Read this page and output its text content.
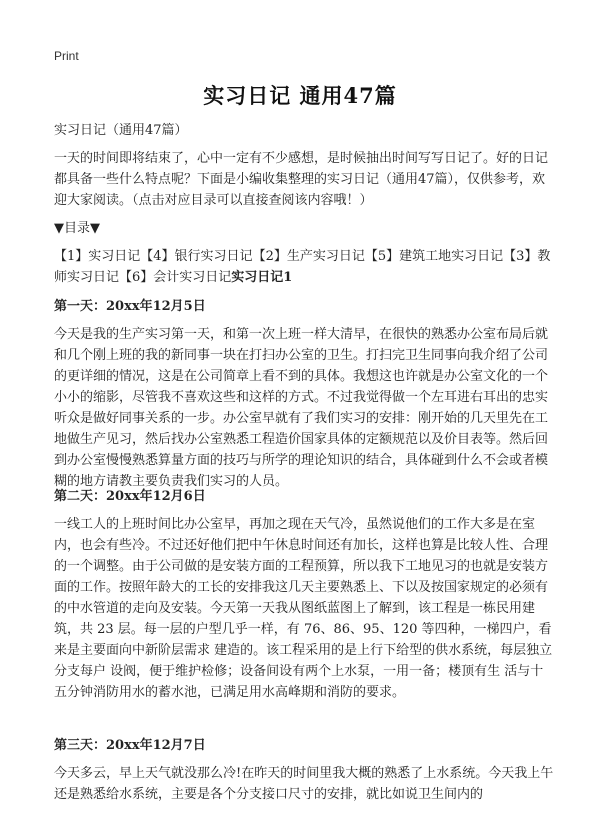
Print
实习日记 通用47篇
实习日记（通用47篇）
一天的时间即将结束了，心中一定有不少感想，是时候抽出时间写写日记了。好的日记都具备一些什么特点呢？下面是小编收集整理的实习日记（通用47篇），仅供参考，欢迎大家阅读。（点击对应目录可以直接查阅该内容哦！）
▼目录▼
【1】实习日记【4】银行实习日记【2】生产实习日记【5】建筑工地实习日记【3】教师实习日记【6】会计实习日记实习日记1
第一天：20xx年12月5日
今天是我的生产实习第一天，和第一次上班一样大清早，在很快的熟悉办公室布局后就和几个刚上班的我的新同事一块在打扫办公室的卫生。打扫完卫生同事向我介绍了公司的更详细的情况，这是在公司简章上看不到的具体。我想这也许就是办公室文化的一个小小的缩影，尽管我不喜欢这些和这样的方式。不过我觉得做一个左耳进右耳出的忠实听众是做好同事关系的一步。办公室早就有了我们实习的安排：刚开始的几天里先在工地做生产见习，然后找办公室熟悉工程造价国家具体的定额规范以及价目表等。然后回到办公室慢慢熟悉算量方面的技巧与所学的理论知识的结合，具体碰到什么不会或者模糊的地方请教主要负责我们实习的人员。
第二天：20xx年12月6日
一线工人的上班时间比办公室早，再加之现在天气冷，虽然说他们的工作大多是在室内，也会有些冷。不过还好他们把中午休息时间还有加长，这样也算是比较人性、合理的一个调整。由于公司做的是安装方面的工程预算，所以我下工地见习的也就是安装方面的工作。按照年龄大的工长的安排我这几天主要熟悉上、下以及按国家规定的必须有的中水管道的走向及安装。今天第一天我从图纸蓝图上了解到，该工程是一栋民用建筑，共 23 层。每一层的户型几乎一样，有 76、86、95、120 等四种，一梯四户，看来是主要面向中新阶层需求 建造的。该工程采用的是上行下给型的供水系统，每层独立分支每户 设阀，便于维护检修；设备间设有两个上水泵，一用一备；楼顶有生 活与十五分钟消防用水的蓄水池，已满足用水高峰期和消防的要求。
第三天：20xx年12月7日
今天多云，早上天气就没那么冷!在昨天的时间里我大概的熟悉了上水系统。今天我上午还是熟悉给水系统，主要是各个分支接口尺寸的安排，就比如说卫生间内的
